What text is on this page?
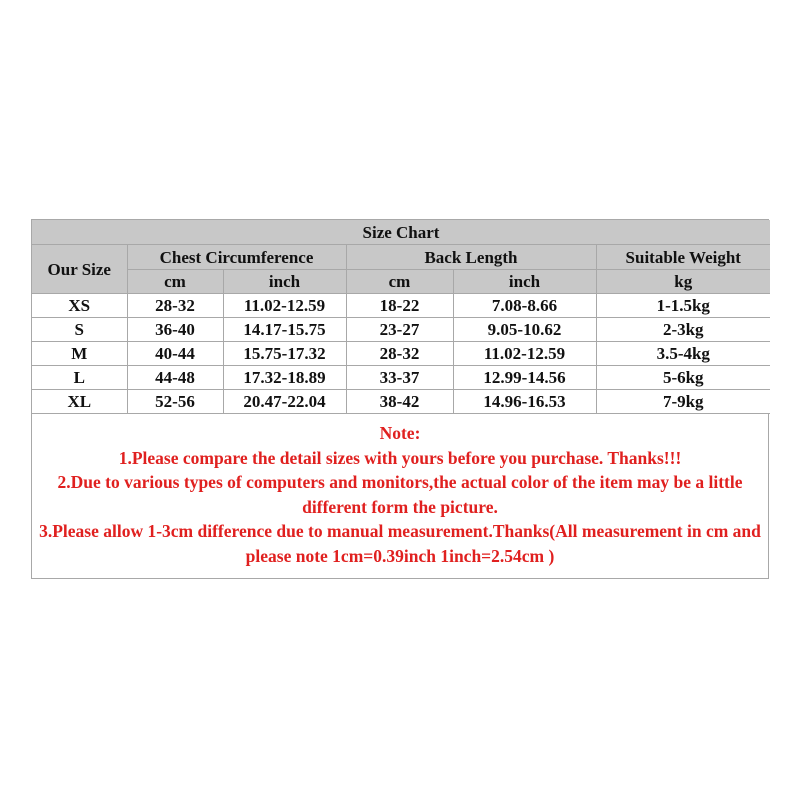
Size Chart					
Our Size	Chest Circumference		Back Length		Suitable Weight
	cm	inch	cm	inch	kg
XS	28-32	11.02-12.59	18-22	7.08-8.66	1-1.5kg
S	36-40	14.17-15.75	23-27	9.05-10.62	2-3kg
M	40-44	15.75-17.32	28-32	11.02-12.59	3.5-4kg
L	44-48	17.32-18.89	33-37	12.99-14.56	5-6kg
XL	52-56	20.47-22.04	38-42	14.96-16.53	7-9kg

Note:

1.Please compare the detail sizes with yours before you purchase. Thanks!!!

2.Due to various types of computers and monitors,the actual color of the item may be a little different form the picture.

3.Please allow 1-3cm difference due to manual measurement.Thanks(All measurement in cm and please note 1cm=0.39inch 1inch=2.54cm )
